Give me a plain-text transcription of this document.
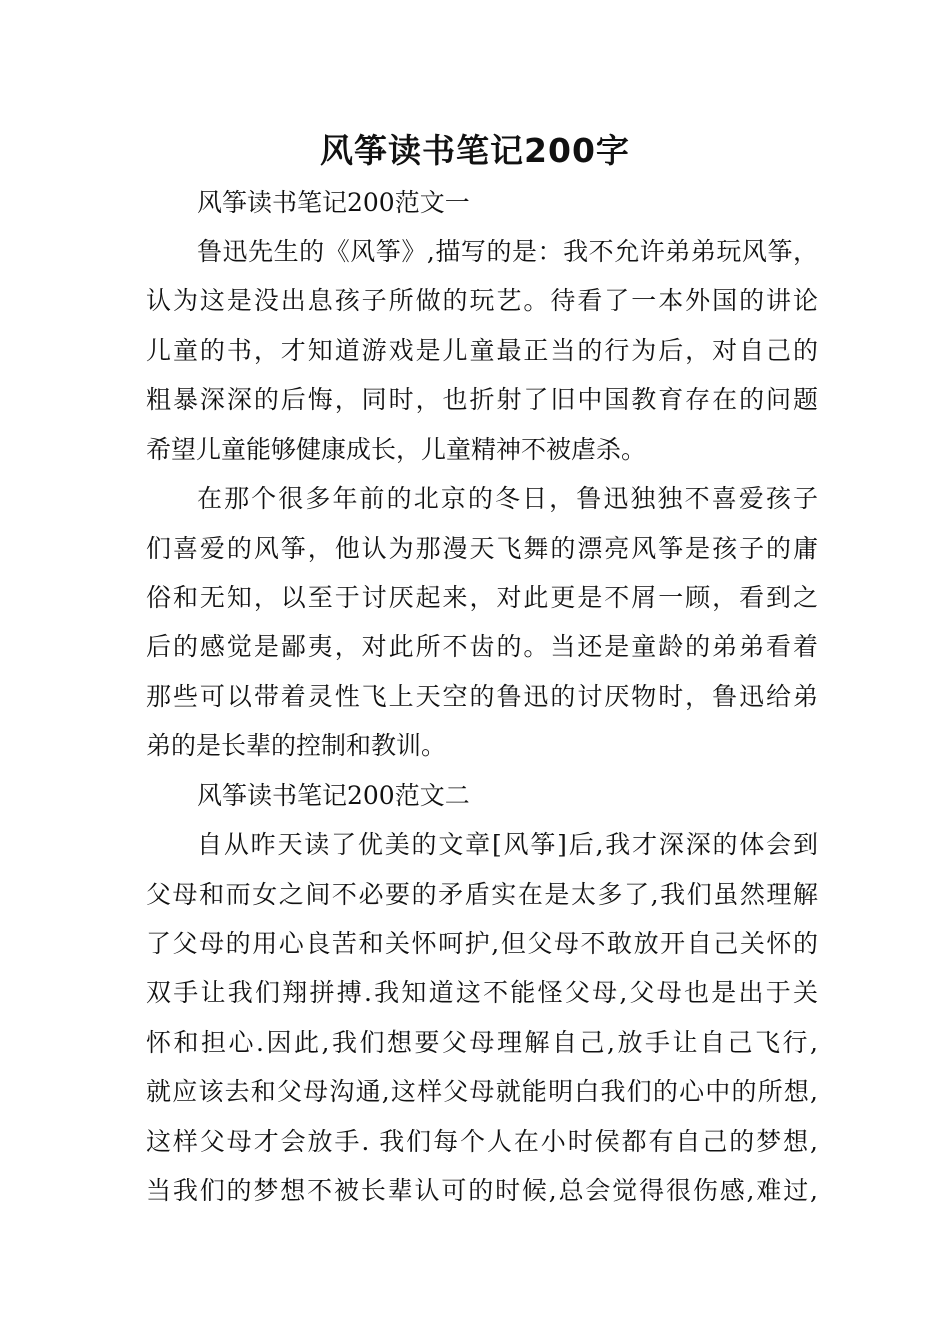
风筝读书笔记200字

风筝读书笔记200范文一

鲁迅先生的《风筝》,描写的是：我不允许弟弟玩风筝，

认为这是没出息孩子所做的玩艺。待看了一本外国的讲论

儿童的书，才知道游戏是儿童最正当的行为后，对自己的

粗暴深深的后悔，同时，也折射了旧中国教育存在的问题

希望儿童能够健康成长，儿童精神不被虐杀。

在那个很多年前的北京的冬日，鲁迅独独不喜爱孩子

们喜爱的风筝，他认为那漫天飞舞的漂亮风筝是孩子的庸

俗和无知，以至于讨厌起来，对此更是不屑一顾，看到之

后的感觉是鄙夷，对此所不齿的。当还是童龄的弟弟看着

那些可以带着灵性飞上天空的鲁迅的讨厌物时，鲁迅给弟

弟的是长辈的控制和教训。

风筝读书笔记200范文二

自从昨天读了优美的文章[风筝]后,我才深深的体会到

父母和而女之间不必要的矛盾实在是太多了,我们虽然理解

了父母的用心良苦和关怀呵护,但父母不敢放开自己关怀的

双手让我们翔拼搏.我知道这不能怪父母,父母也是出于关

怀和担心.因此,我们想要父母理解自己,放手让自己飞行,

就应该去和父母沟通,这样父母就能明白我们的心中的所想,

这样父母才会放手. 我们每个人在小时侯都有自己的梦想,

当我们的梦想不被长辈认可的时候,总会觉得很伤感,难过,
